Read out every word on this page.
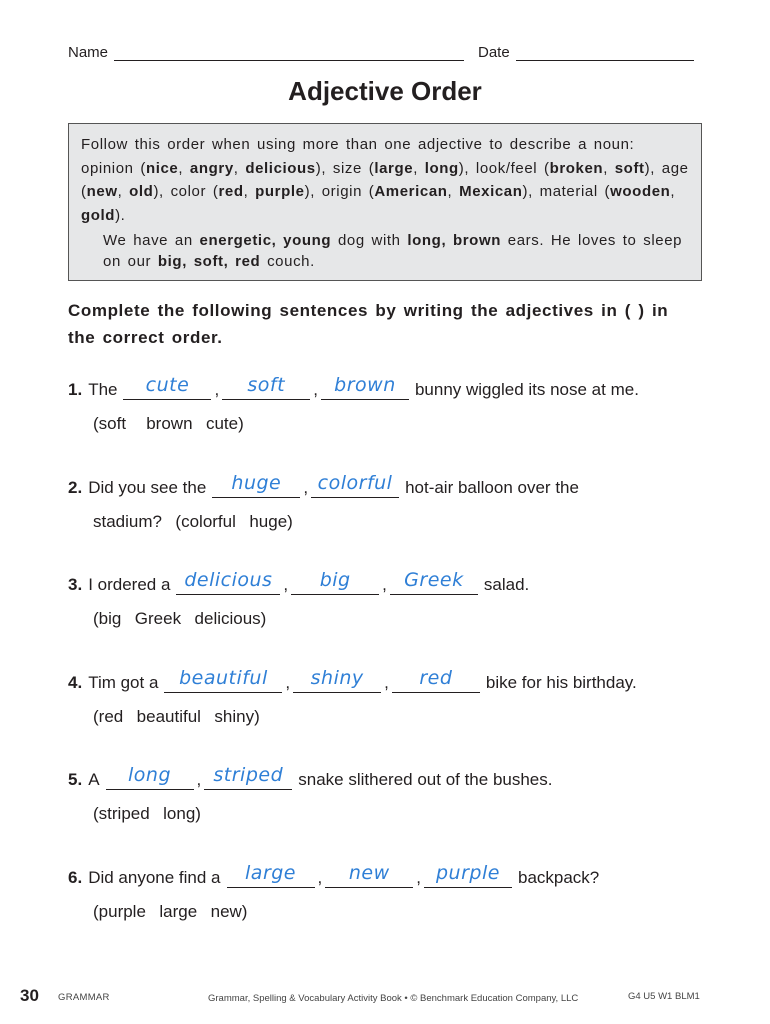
Name	Date
Adjective Order

Follow this order when using more than one adjective to describe a noun: opinion (nice, angry, delicious), size (large, long), look/feel (broken, soft), age (new, old), color (red, purple), origin (American, Mexican), material (wooden, gold).

We have an energetic, young dog with long, brown ears. He loves to sleep on our big, soft, red couch.

Complete the following sentences by writing the adjectives in ( ) in the correct order.
1. The	cute	,	soft	, brown	bunny wiggled its nose at me.
(soft   brown  cute)
2. Did you see the	huge	, colorful hot-air balloon over the
stadium?  (colorful  huge)
3. I ordered a delicious ,	big	, Greek	salad.
(big  Greek  delicious)
4. Tim got a	beautiful	,	shiny	,	red	bike for his birthday.
(red  beautiful  shiny)
5. A	long	, striped snake slithered out of the bushes.
(striped  long)
6. Did anyone find a	large	,	new	, purple	backpack?
(purple  large  new)
30 GRAMMAR	Grammar, Spelling & Vocabulary Activity Book • © Benchmark Education Company, LLC	G4 U5 W1 BLM1
